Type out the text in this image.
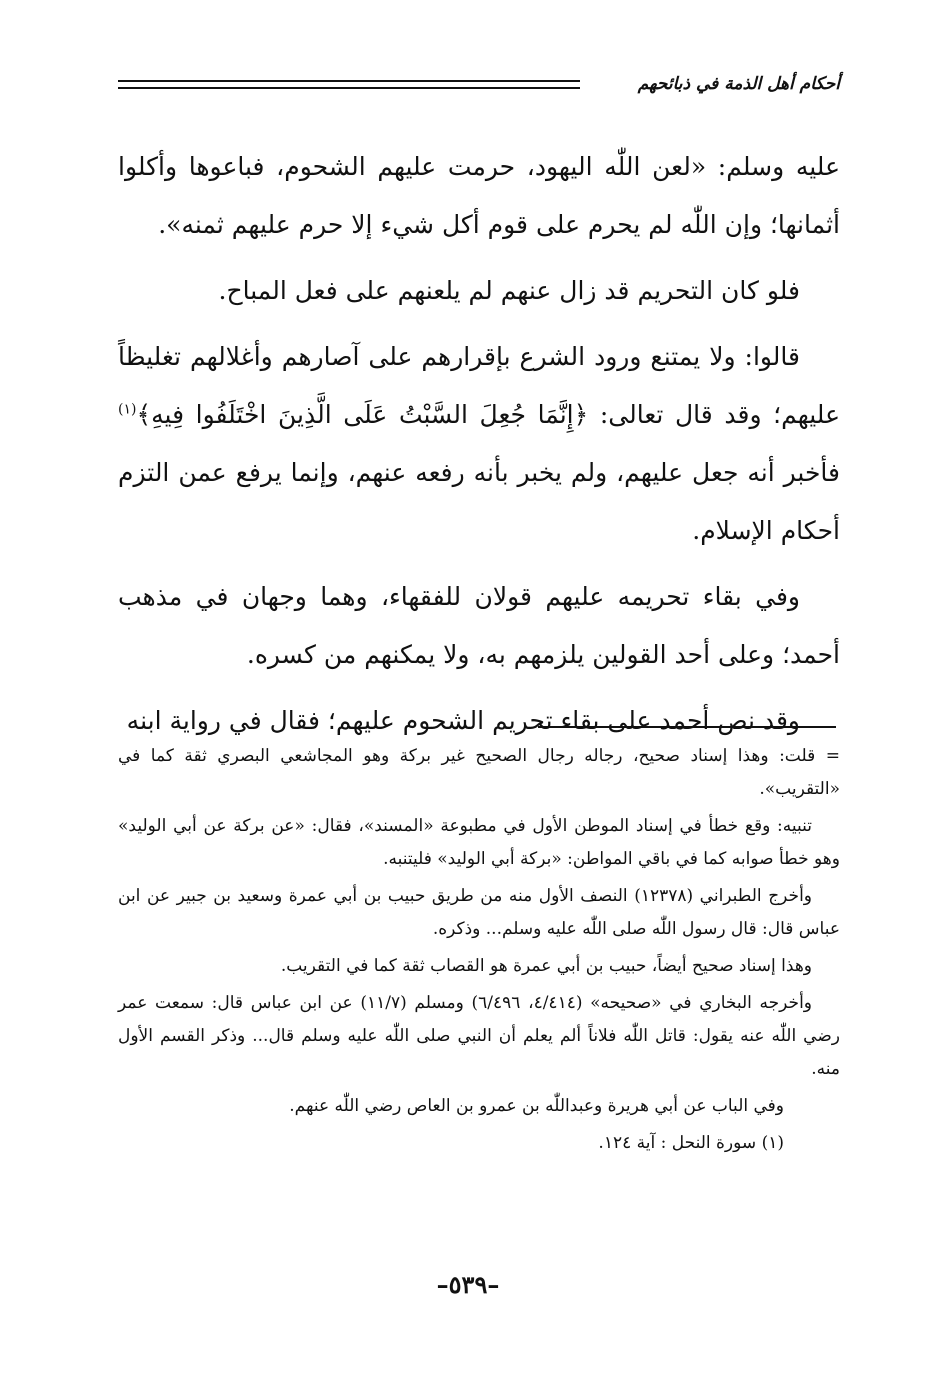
أحكام أهل الذمة في ذبائحهم

عليه وسلم: «لعن اللّٰه اليهود، حرمت عليهم الشحوم، فباعوها وأكلوا أثمانها؛ وإن اللّٰه لم يحرم على قوم أكل شيء إلا حرم عليهم ثمنه».

فلو كان التحريم قد زال عنهم لم يلعنهم على فعل المباح.

قالوا: ولا يمتنع ورود الشرع بإقرارهم على آصارهم وأغلالهم تغليظاً عليهم؛ وقد قال تعالى: ﴿إِنَّمَا جُعِلَ السَّبْتُ عَلَى الَّذِينَ اخْتَلَفُوا فِيهِ﴾$^{(١)}$ فأخبر أنه جعل عليهم، ولم يخبر بأنه رفعه عنهم، وإنما يرفع عمن التزم أحكام الإسلام.

وفي بقاء تحريمه عليهم قولان للفقهاء، وهما وجهان في مذهب أحمد؛ وعلى أحد القولين يلزمهم به، ولا يمكنهم من كسره.

وقد نص أحمد على بقاء تحريم الشحوم عليهم؛ فقال في رواية ابنه

= قلت: وهذا إسناد صحيح، رجاله رجال الصحيح غير بركة وهو المجاشعي البصري ثقة كما في «التقريب».

تنبيه: وقع خطأ في إسناد الموطن الأول في مطبوعة «المسند»، فقال: «عن بركة عن أبي الوليد» وهو خطأ صوابه كما في باقي المواطن: «بركة أبي الوليد» فليتنبه.

وأخرج الطبراني (١٢٣٧٨) النصف الأول منه من طريق حبيب بن أبي عمرة وسعيد بن جبير عن ابن عباس قال: قال رسول اللّٰه صلى اللّٰه عليه وسلم... وذكره.

وهذا إسناد صحيح أيضاً، حبيب بن أبي عمرة هو القصاب ثقة كما في التقريب.

وأخرجه البخاري في «صحيحه» (٤/٤١٤، ٦/٤٩٦) ومسلم (١١/٧) عن ابن عباس قال: سمعت عمر رضي اللّٰه عنه يقول: قاتل اللّٰه فلاناً ألم يعلم أن النبي صلى اللّٰه عليه وسلم قال... وذكر القسم الأول منه.

وفي الباب عن أبي هريرة وعبداللّٰه بن عمرو بن العاص رضي اللّٰه عنهم.

(١) سورة النحل : آية ١٢٤.

–٥٣٩–
